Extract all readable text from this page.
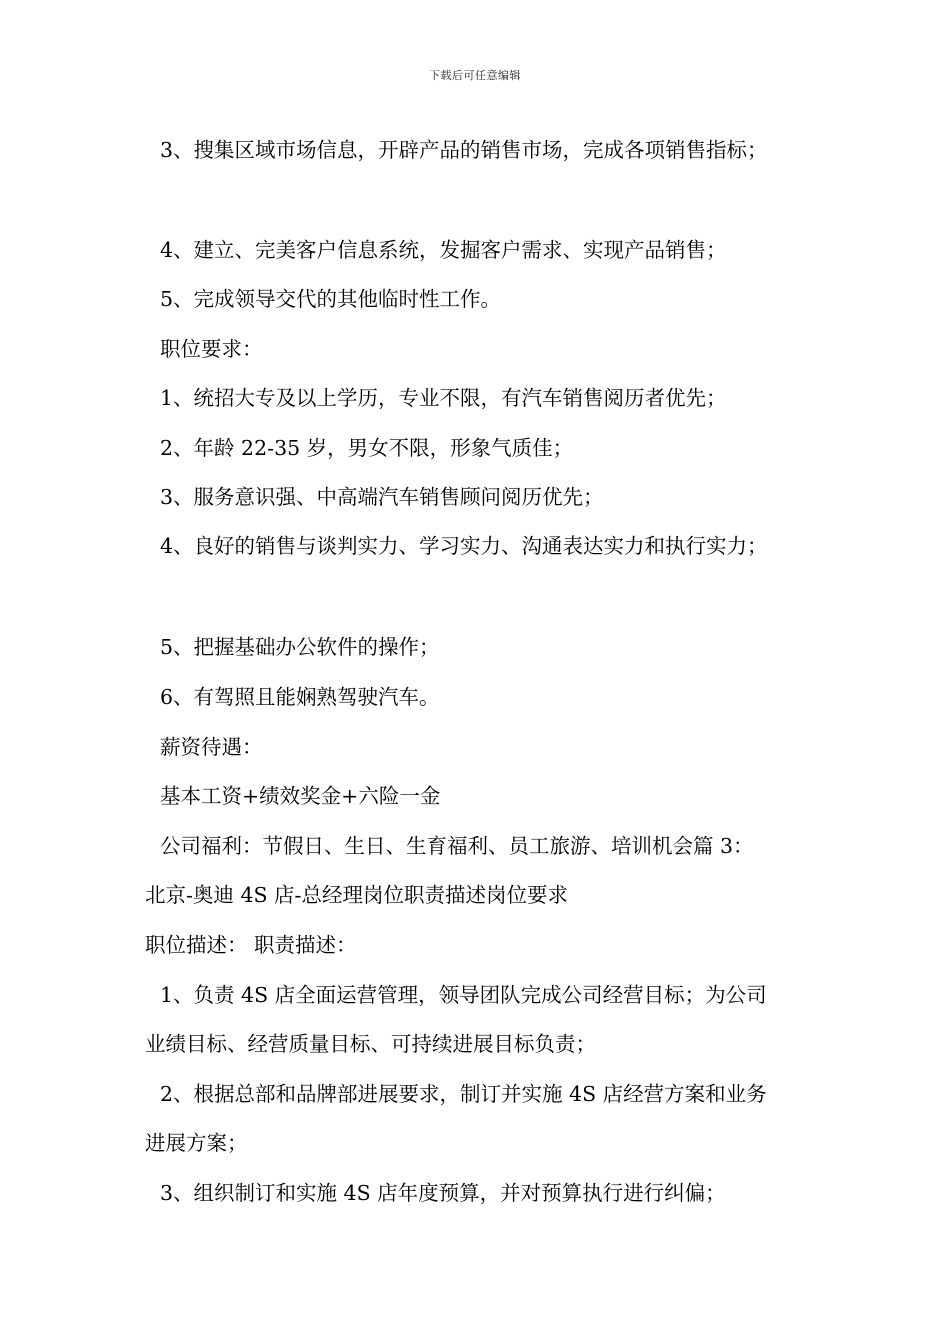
下载后可任意编辑
3、搜集区域市场信息，开辟产品的销售市场，完成各项销售指标；
4、建立、完美客户信息系统，发掘客户需求、实现产品销售；
5、完成领导交代的其他临时性工作。
职位要求：
1、统招大专及以上学历，专业不限，有汽车销售阅历者优先；
2、年龄 22-35 岁，男女不限，形象气质佳；
3、服务意识强、中高端汽车销售顾问阅历优先；
4、良好的销售与谈判实力、学习实力、沟通表达实力和执行实力；
5、把握基础办公软件的操作；
6、有驾照且能娴熟驾驶汽车。
薪资待遇：
基本工资+绩效奖金+六险一金
公司福利：节假日、生日、生育福利、员工旅游、培训机会篇 3：
北京-奥迪 4S 店-总经理岗位职责描述岗位要求
职位描述： 职责描述：
1、负责 4S 店全面运营管理，领导团队完成公司经营目标；为公司
业绩目标、经营质量目标、可持续进展目标负责；
2、根据总部和品牌部进展要求，制订并实施 4S 店经营方案和业务
进展方案；
3、组织制订和实施 4S 店年度预算，并对预算执行进行纠偏；
